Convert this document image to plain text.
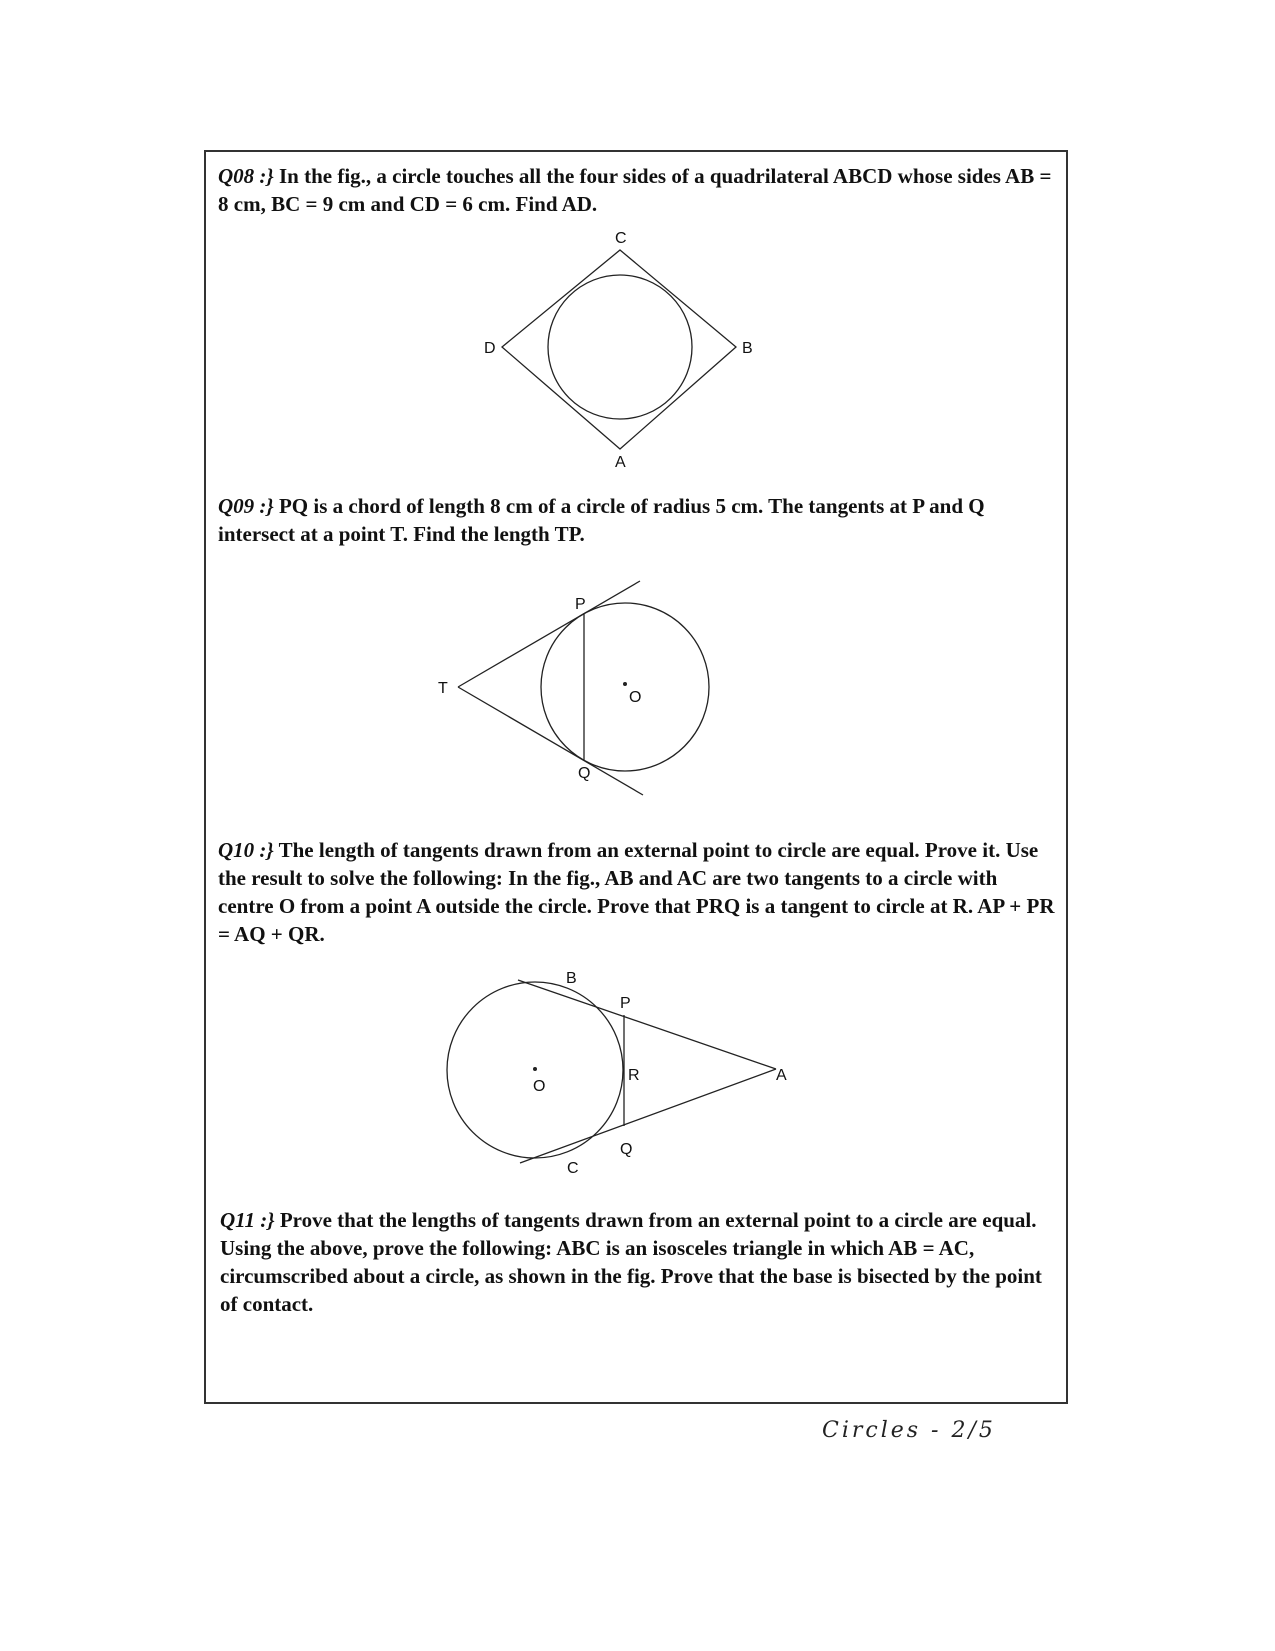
Q08 :} In the fig., a circle touches all the four sides of a quadrilateral ABCD whose sides AB = 8 cm, BC = 9 cm and CD = 6 cm. Find AD.

C
D	B
A

Q09 :} PQ is a chord of length 8 cm of a circle of radius 5 cm. The tangents at P and Q intersect at a point T. Find the length TP.

P
T
O
Q

Q10 :} The length of tangents drawn from an external point to circle are equal. Prove it. Use the result to solve the following: In the fig., AB and AC are two tangents to a circle with centre O from a point A outside the circle. Prove that PRQ is a tangent to circle at R. AP + PR = AQ + QR.

B
P
O
R	A
Q
C

Q11 :} Prove that the lengths of tangents drawn from an external point to a circle are equal. Using the above, prove the following: ABC is an isosceles triangle in which AB = AC, circumscribed about a circle, as shown in the fig. Prove that the base is bisected by the point of contact.

Circles - 2/5
